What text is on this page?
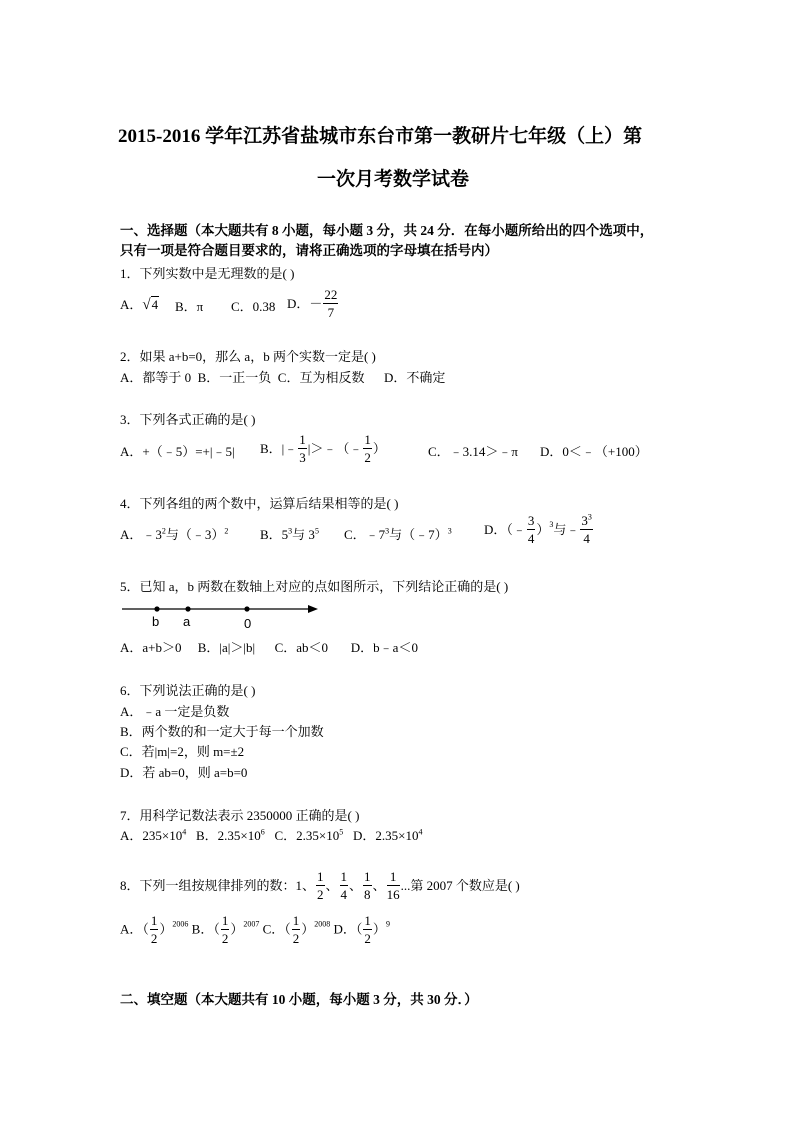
2015-2016 学年江苏省盐城市东台市第一教研片七年级（上）第
一次月考数学试卷
一、选择题（本大题共有 8 小题，每小题 3 分，共 24 分．在每小题所给出的四个选项中，
只有一项是符合题目要求的，请将正确选项的字母填在括号内）
1．下列实数中是无理数的是( )
A．√4 B．π C．0.38 D．－ $\frac{22}{7}$
2．如果 a+b=0，那么 a，b 两个实数一定是( )
A．都等于 0  B．一正一负  C．互为相反数      D．不确定
3．下列各式正确的是( )
A．+（﹣5）=+|﹣5| B．|﹣ $\frac{1}{3}$ |＞﹣（﹣ $\frac{1}{2}$ ）	C．﹣3.14＞﹣π D．0＜﹣（+100）
4．下列各组的两个数中，运算后结果相等的是( )
A．$﹣3^2$与（﹣3）$^2$ B．$5^3$与 $3^5$ C．$﹣7^3$与（﹣7）$^3$ D．（﹣ $\frac{3}{4} )^3$与﹣ $\frac{3^3}{4}$
5．已知 a，b 两数在数轴上对应的点如图所示，下列结论正确的是( )
b a	0
A．a+b＞0     B．|a|＞|b|      C．ab＜0       D．b﹣a＜0
6．下列说法正确的是( )
A．﹣a 一定是负数
B．两个数的和一定大于每一个加数
C．若|m|=2，则 m=±2
D．若 ab=0，则 a=b=0
7．用科学记数法表示 2350000 正确的是( )
A．$235\times 10^4$ B．$2.35\times 10^6$ C．$2.35\times 10^5$ D．$2.35\times 10^4$
8．下列一组按规律排列的数：1、 $\frac{1}{2}$ 、 $\frac{1}{4}$ 、 $\frac{1}{8}$ 、 $\frac{1}{16}$ ...第 2007 个数应是( )
A．（ $\frac{1}{2} )^{2006}$ B．（ $\frac{1}{2} )^{2007}$ C．（ $\frac{1}{2} )^{2008}$ D．（ $\frac{1}{2} )^9$
二、填空题（本大题共有 10 小题，每小题 3 分，共 30 分．）
